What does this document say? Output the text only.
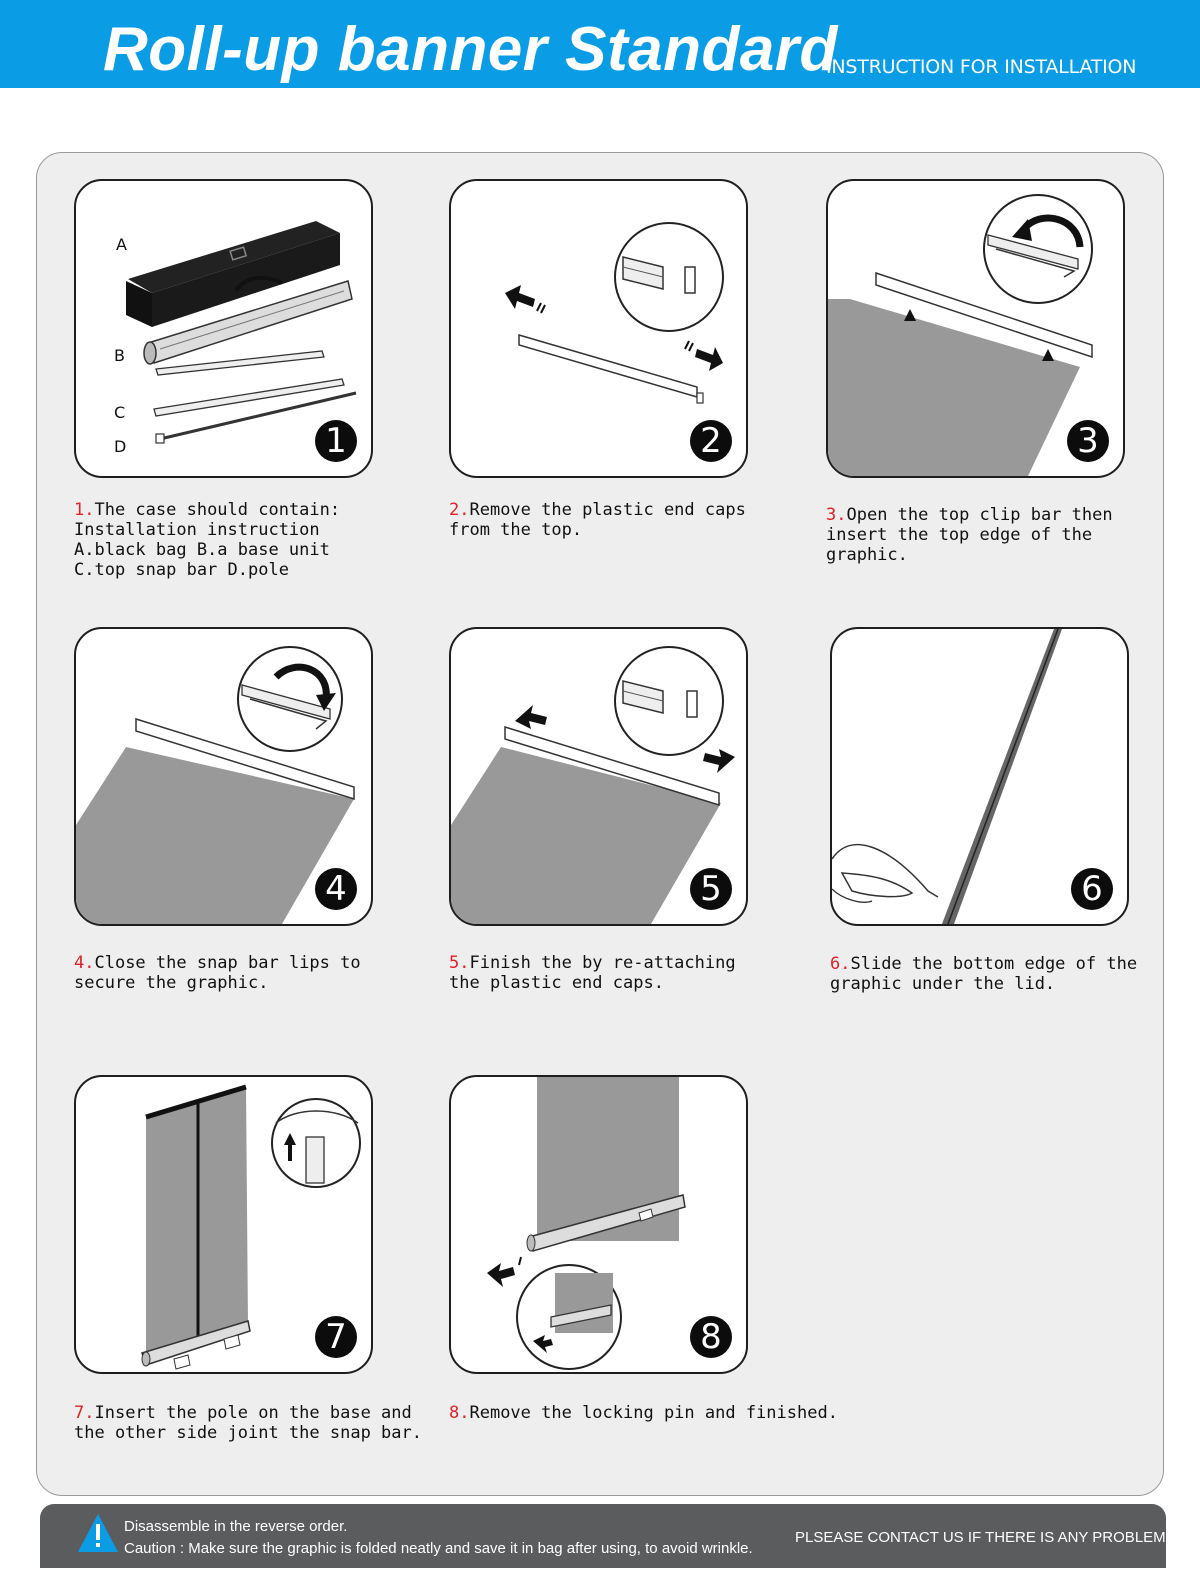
Roll-up banner Standard
INSTRUCTION FOR INSTALLATION
A
B
C
D	1	2	3
4	5	6
7	8
1.The case should contain:
Installation instruction
A.black bag B.a base unit
C.top snap bar D.pole
2.Remove the plastic end caps
from the top.
3.Open the top clip bar then
insert the top edge of the
graphic.
4.Close the snap bar lips to
secure the graphic.
5.Finish the by re-attaching
the plastic end caps.
6.Slide the bottom edge of the
graphic under the lid.
7.Insert the pole on the base and
the other side joint the snap bar.
8.Remove the locking pin and finished.
Disassemble in the reverse order.
Caution : Make sure the graphic is folded neatly and save it in bag after using, to avoid wrinkle.
PLSEASE CONTACT US IF THERE IS ANY PROBLEM.
